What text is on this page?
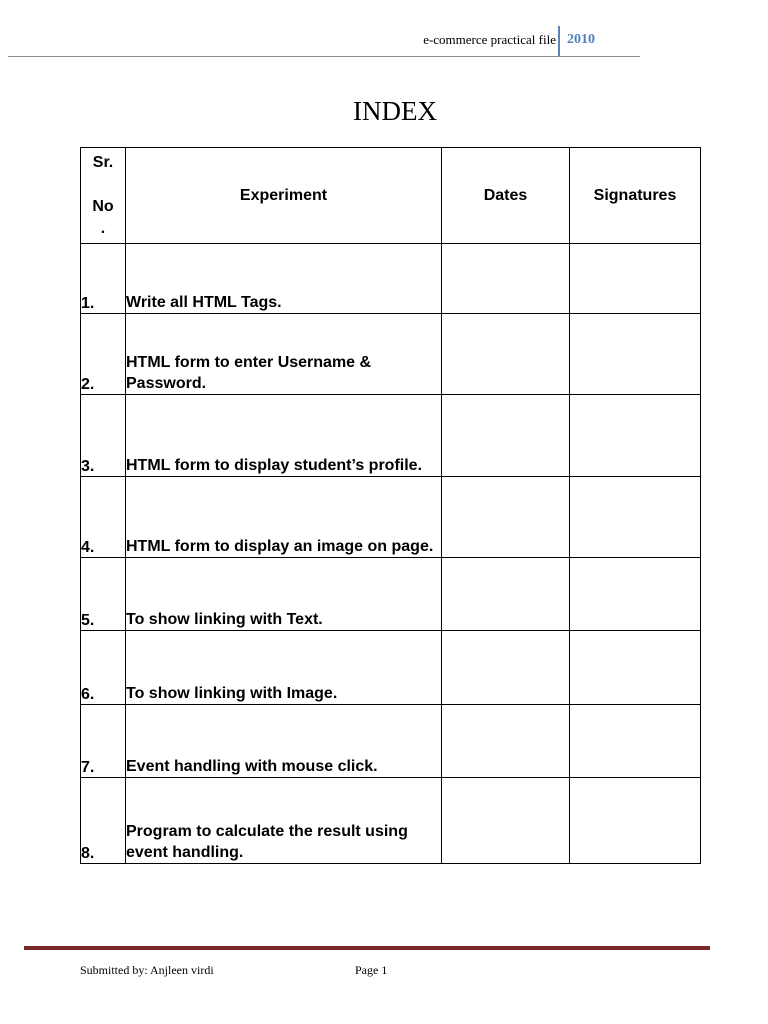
e-commerce practical file 2010
INDEX
Sr.
No
.	Experiment	Dates	Signatures
1.	Write all HTML Tags.		
2.	HTML form to enter Username & Password.		
3.	HTML form to display student’s profile.		
4.	HTML form to display an image on page.		
5.	To show linking with Text.		
6.	To show linking with Image.		
7.	Event handling with mouse click.		
8.	Program to calculate the result using event handling.		
Submitted by: Anjleen virdi	Page 1
